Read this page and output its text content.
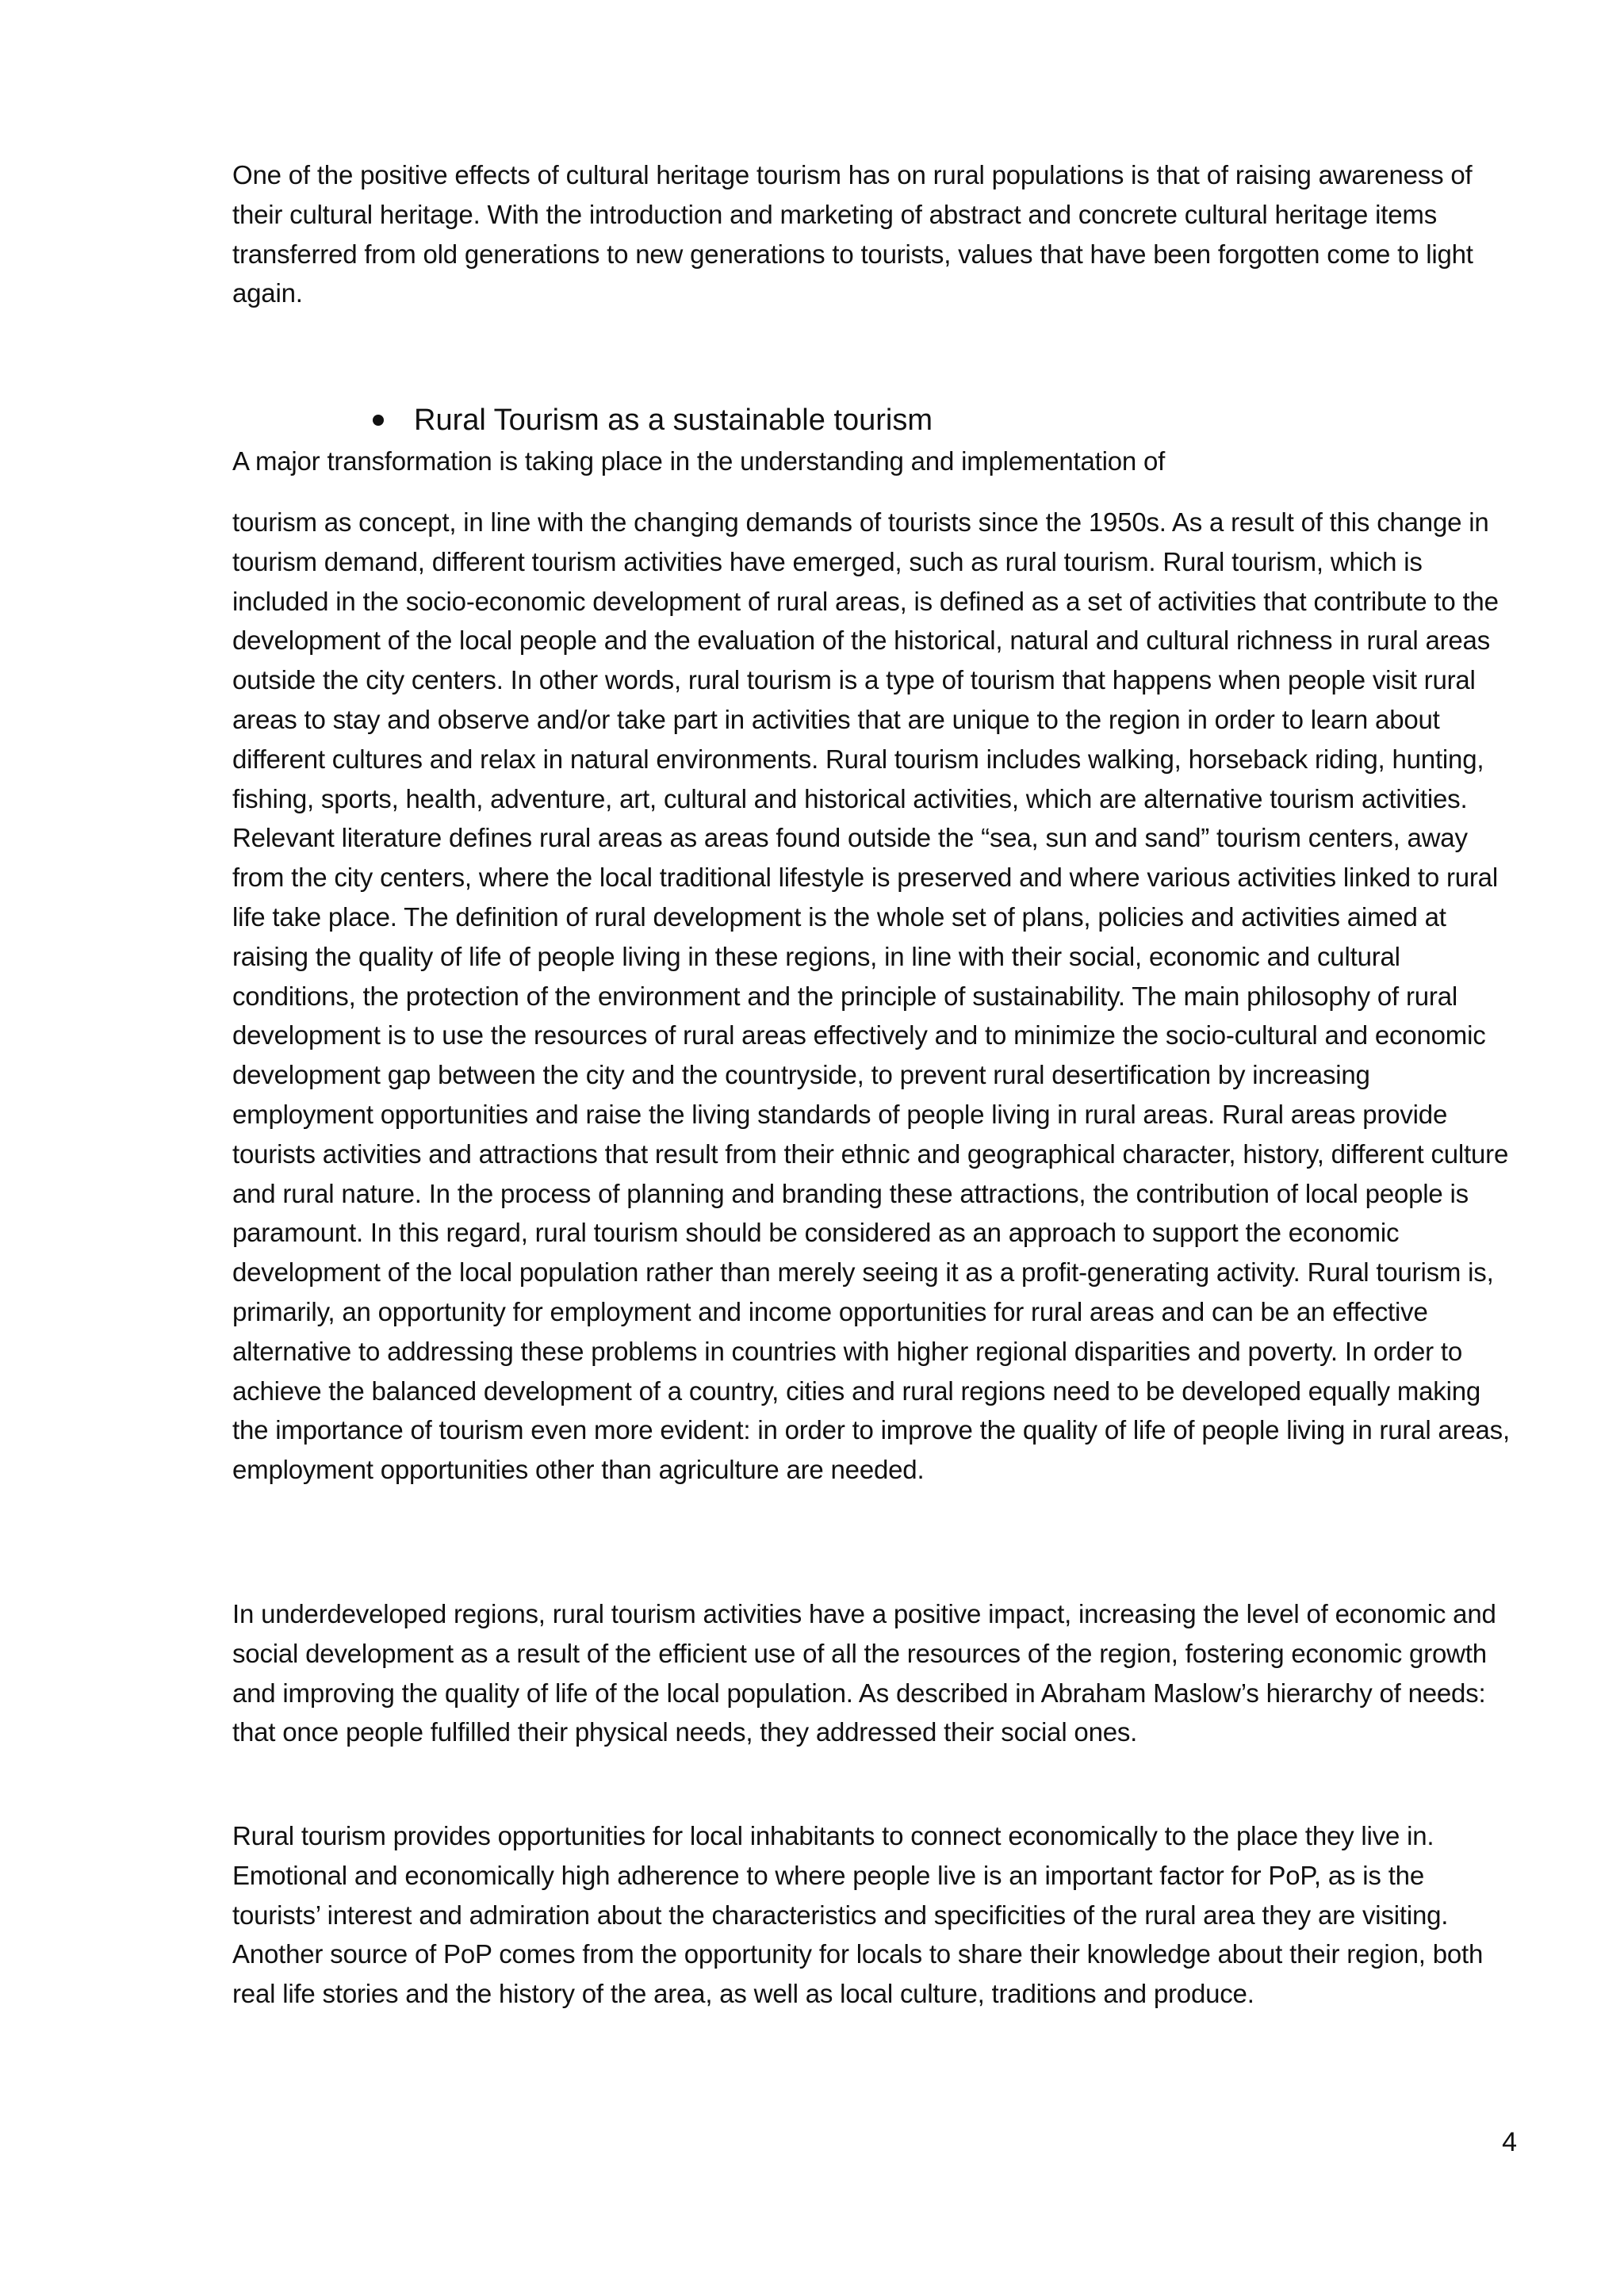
One of the positive effects of cultural heritage tourism has on rural populations is that of raising awareness of their cultural heritage. With the introduction and marketing of abstract and concrete cultural heritage items transferred from old generations to new generations to tourists, values that have been forgotten come to light again.

Rural Tourism as a sustainable tourism

A major transformation is taking place in the understanding and implementation of

tourism as concept, in line with the changing demands of tourists since the 1950s. As a result of this change in tourism demand, different tourism activities have emerged, such as rural tourism. Rural tourism, which is included in the socio-economic development of rural areas, is defined as a set of activities that contribute to the development of the local people and the evaluation of the historical, natural and cultural richness in rural areas outside the city centers. In other words, rural tourism is a type of tourism that happens when people visit rural areas to stay and observe and/or take part in activities that are unique to the region in order to learn about different cultures and relax in natural environments. Rural tourism includes walking, horseback riding, hunting, fishing, sports, health, adventure, art, cultural and historical activities, which are alternative tourism activities. Relevant literature defines rural areas as areas found outside the “sea, sun and sand” tourism centers, away from the city centers, where the local traditional lifestyle is preserved and where various activities linked to rural life take place. The definition of rural development is the whole set of plans, policies and activities aimed at raising the quality of life of people living in these regions, in line with their social, economic and cultural conditions, the protection of the environment and the principle of sustainability. The main philosophy of rural development is to use the resources of rural areas effectively and to minimize the socio-cultural and economic development gap between the city and the countryside, to prevent rural desertification by increasing employment opportunities and raise the living standards of people living in rural areas. Rural areas provide tourists activities and attractions that result from their ethnic and geographical character, history, different culture and rural nature. In the process of planning and branding these attractions, the contribution of local people is paramount. In this regard, rural tourism should be considered as an approach to support the economic development of the local population rather than merely seeing it as a profit-generating activity. Rural tourism is, primarily, an opportunity for employment and income opportunities for rural areas and can be an effective alternative to addressing these problems in countries with higher regional disparities and poverty. In order to achieve the balanced development of a country, cities and rural regions need to be developed equally making the importance of tourism even more evident: in order to improve the quality of life of people living in rural areas, employment opportunities other than agriculture are needed.

In underdeveloped regions, rural tourism activities have a positive impact, increasing the level of economic and social development as a result of the efficient use of all the resources of the region, fostering economic growth and improving the quality of life of the local population. As described in Abraham Maslow’s hierarchy of needs: that once people fulfilled their physical needs, they addressed their social ones.

Rural tourism provides opportunities for local inhabitants to connect economically to the place they live in. Emotional and economically high adherence to where people live is an important factor for PoP, as is the tourists’ interest and admiration about the characteristics and specificities of the rural area they are visiting. Another source of PoP comes from the opportunity for locals to share their knowledge about their region, both real life stories and the history of the area, as well as local culture, traditions and produce.

4
